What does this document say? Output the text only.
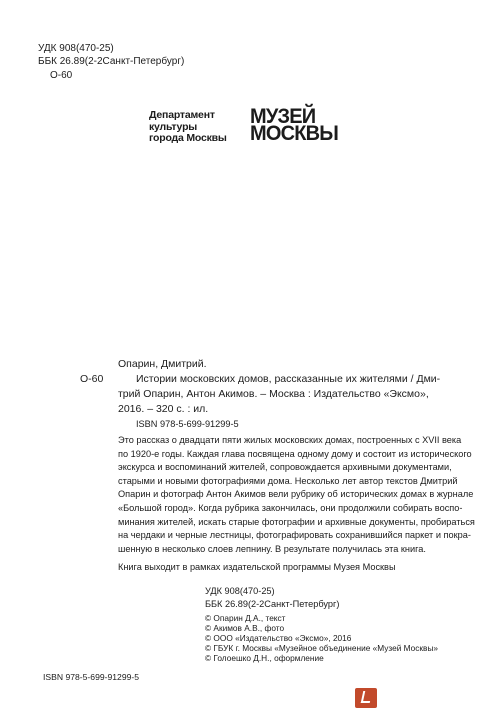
УДК 908(470-25)
ББК 26.89(2-2Санкт-Петербург)
О-60
Департамент
культуры
города Москвы
МУЗЕЙ
МОСКВЫ
Опарин, Дмитрий.
О-60	Истории московских домов, рассказанные их жителями / Дми-
трий Опарин, Антон Акимов. – Москва : Издательство «Эксмо»,
2016. – 320 с. : ил.
ISBN 978-5-699-91299-5
Это рассказ о двадцати пяти жилых московских домах, построенных с XVII века
по 1920-е годы. Каждая глава посвящена одному дому и состоит из исторического
экскурса и воспоминаний жителей, сопровождается архивными документами,
старыми и новыми фотографиями дома. Несколько лет автор текстов Дмитрий
Опарин и фотограф Антон Акимов вели рубрику об исторических домах в журнале
«Большой город». Когда рубрика закончилась, они продолжили собирать воспо-
минания жителей, искать старые фотографии и архивные документы, пробираться
на чердаки и черные лестницы, фотографировать сохранившийся паркет и покра-
шенную в несколько слоев лепнину. В результате получилась эта книга.
Книга выходит в рамках издательской программы Музея Москвы
УДК 908(470-25)
ББК 26.89(2-2Санкт-Петербург)
© Опарин Д.А., текст
© Акимов А.В., фото
© ООО «Издательство «Эксмо», 2016
© ГБУК г. Москвы «Музейное объединение «Музей Москвы»
© Голоешко Д.Н., оформление
ISBN 978-5-699-91299-5
